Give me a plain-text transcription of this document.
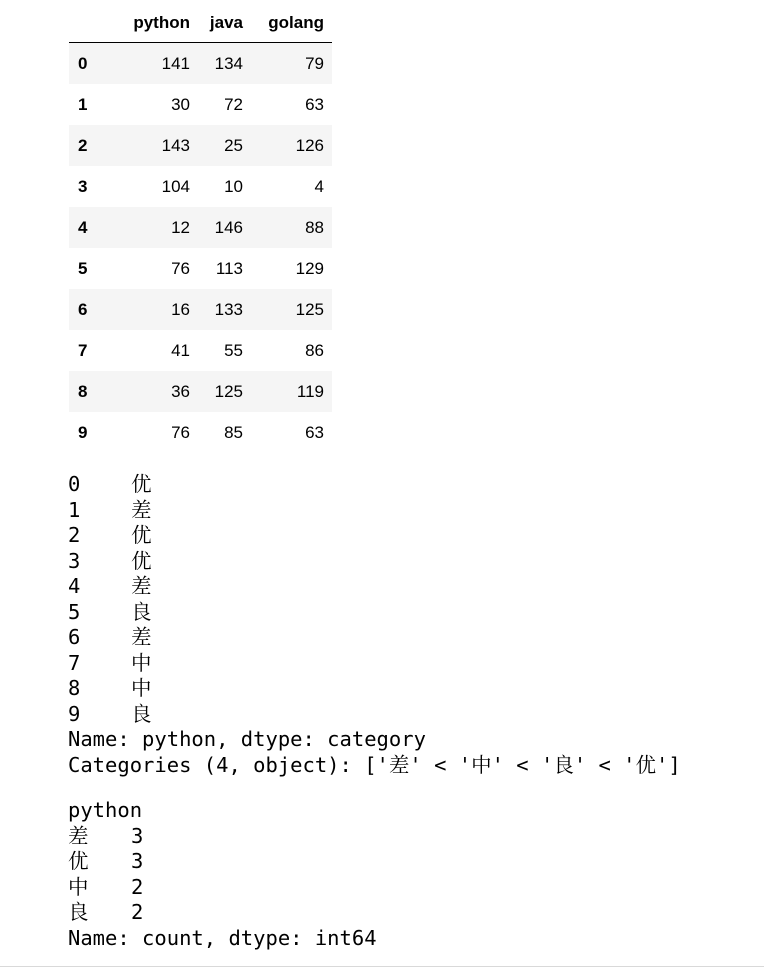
	python	java	golang
0	141	134	79
1	30	72	63
2	143	25	126
3	104	10	4
4	12	146	88
5	76	113	129
6	16	133	125
7	41	55	86
8	36	125	119
9	76	85	63
0 优
1 差
2 优
3 优
4 差
5 良
6 差
7 中
8 中
9 良
Name: python, dtype: category
Categories (4, object): ['差' < '中' < '良' < '优']
python
差 3
优 3
中 2
良 2
Name: count, dtype: int64
